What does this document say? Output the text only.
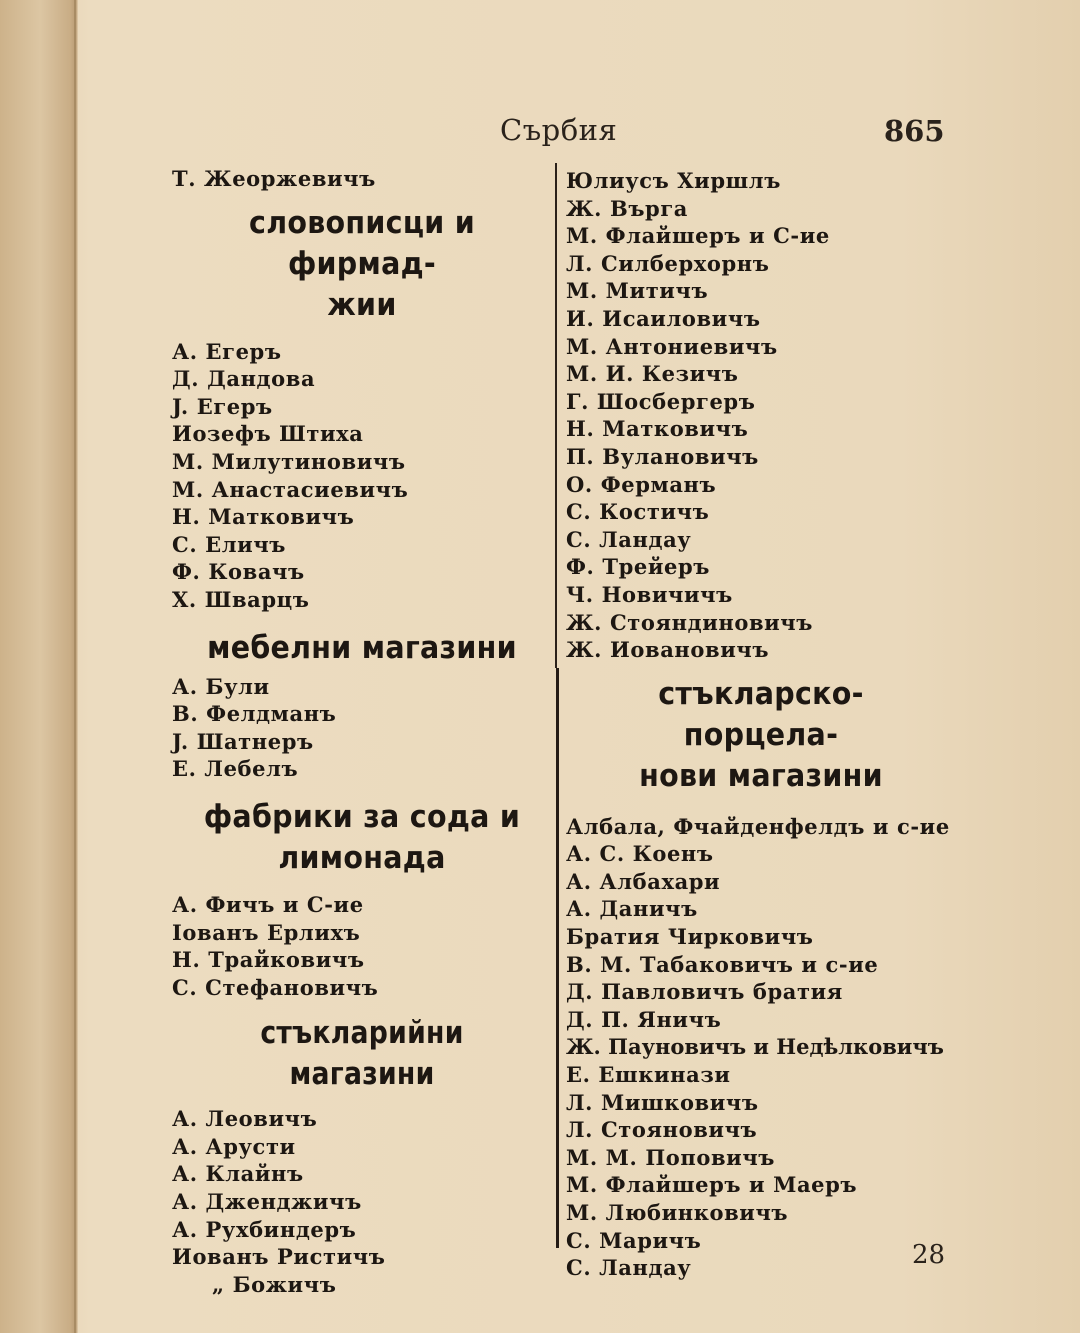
Сърбия	865
Т. Жеоржевичъ
словописци и фирмад-
жии
А. Егеръ
Д. Дандова
J. Егеръ
Иозефъ Штиха
М. Милутиновичъ
М. Анастасиевичъ
Н. Матковичъ
С. Еличъ
Ф. Ковачъ
Х. Шварцъ
мебелни магазини
А. Були
В. Фелдманъ
J. Шатнеръ
Е. Лебелъ
фабрики за сода и
лимонада
А. Фичъ и С-ие
Іованъ Ерлихъ
Н. Трайковичъ
С. Стефановичъ
стъкларийни магазини
А. Леовичъ
А. Арусти
А. Клайнъ
А. Дженджичъ
А. Рухбиндеръ
Иованъ Ристичъ
„ Божичъ
Юлиусъ Хиршлъ
Ж. Върга
М. Флайшеръ и С-ие
Л. Силберхорнъ
М. Митичъ
И. Исаиловичъ
М. Антониевичъ
М. И. Кезичъ
Г. Шосбергеръ
Н. Матковичъ
П. Вулановичъ
О. Ферманъ
С. Костичъ
С. Ландау
Ф. Трейеръ
Ч. Новичичъ
Ж. Стояндиновичъ
Ж. Иовановичъ
стъкларско-порцела-
нови магазини
Албала, Фчайденфелдъ и с-ие
А. С. Коенъ
А. Албахари
А. Даничъ
Братия Чирковичъ
В. М. Табаковичъ и с-ие
Д. Павловичъ братия
Д. П. Яничъ
Ж. Пауновичъ и Недѣлковичъ
Е. Ешкинази
Л. Мишковичъ
Л. Стояновичъ
М. М. Поповичъ
М. Флайшеръ и Маеръ
М. Любинковичъ
С. Маричъ
С. Ландау	28
